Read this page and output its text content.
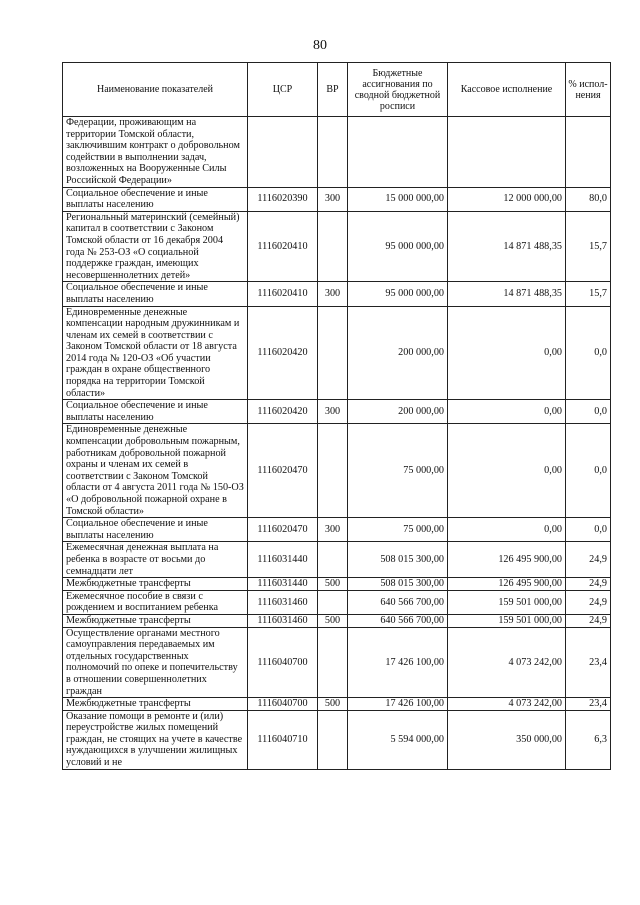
80
Наименование показателей	ЦСР	ВР	Бюджетные ассигнования по сводной бюджетной росписи	Кассовое исполнение	% испол-нения
Федерации, проживающим на территории Томской области, заключившим контракт о добровольном содействии в выполнении задач, возложенных на Вооруженные Силы Российской Федерации»					
Социальное обеспечение и иные выплаты населению	1116020390	300	15 000 000,00	12 000 000,00	80,0
Региональный материнский (семейный) капитал в соответствии с Законом Томской области от 16 декабря 2004 года № 253-ОЗ «О социальной поддержке граждан, имеющих несовершеннолетних детей»	1116020410		95 000 000,00	14 871 488,35	15,7
Социальное обеспечение и иные выплаты населению	1116020410	300	95 000 000,00	14 871 488,35	15,7
Единовременные денежные компенсации народным дружинникам и членам их семей в соответствии с Законом Томской области от 18 августа 2014 года № 120-ОЗ «Об участии граждан в охране общественного порядка на территории Томской области»	1116020420		200 000,00	0,00	0,0
Социальное обеспечение и иные выплаты населению	1116020420	300	200 000,00	0,00	0,0
Единовременные денежные компенсации добровольным пожарным, работникам добровольной пожарной охраны и членам их семей в соответствии с Законом Томской области от 4 августа 2011 года № 150-ОЗ «О добровольной пожарной охране в Томской области»	1116020470		75 000,00	0,00	0,0
Социальное обеспечение и иные выплаты населению	1116020470	300	75 000,00	0,00	0,0
Ежемесячная денежная выплата на ребенка в возрасте от восьми до семнадцати лет	1116031440		508 015 300,00	126 495 900,00	24,9
Межбюджетные трансферты	1116031440	500	508 015 300,00	126 495 900,00	24,9
Ежемесячное пособие в связи с рождением и воспитанием ребенка	1116031460		640 566 700,00	159 501 000,00	24,9
Межбюджетные трансферты	1116031460	500	640 566 700,00	159 501 000,00	24,9
Осуществление органами местного самоуправления передаваемых им отдельных государственных полномочий по опеке и попечительству в отношении совершеннолетних граждан	1116040700		17 426 100,00	4 073 242,00	23,4
Межбюджетные трансферты	1116040700	500	17 426 100,00	4 073 242,00	23,4
Оказание помощи в ремонте и (или) переустройстве жилых помещений граждан, не стоящих на учете в качестве нуждающихся в улучшении жилищных условий и не	1116040710		5 594 000,00	350 000,00	6,3
